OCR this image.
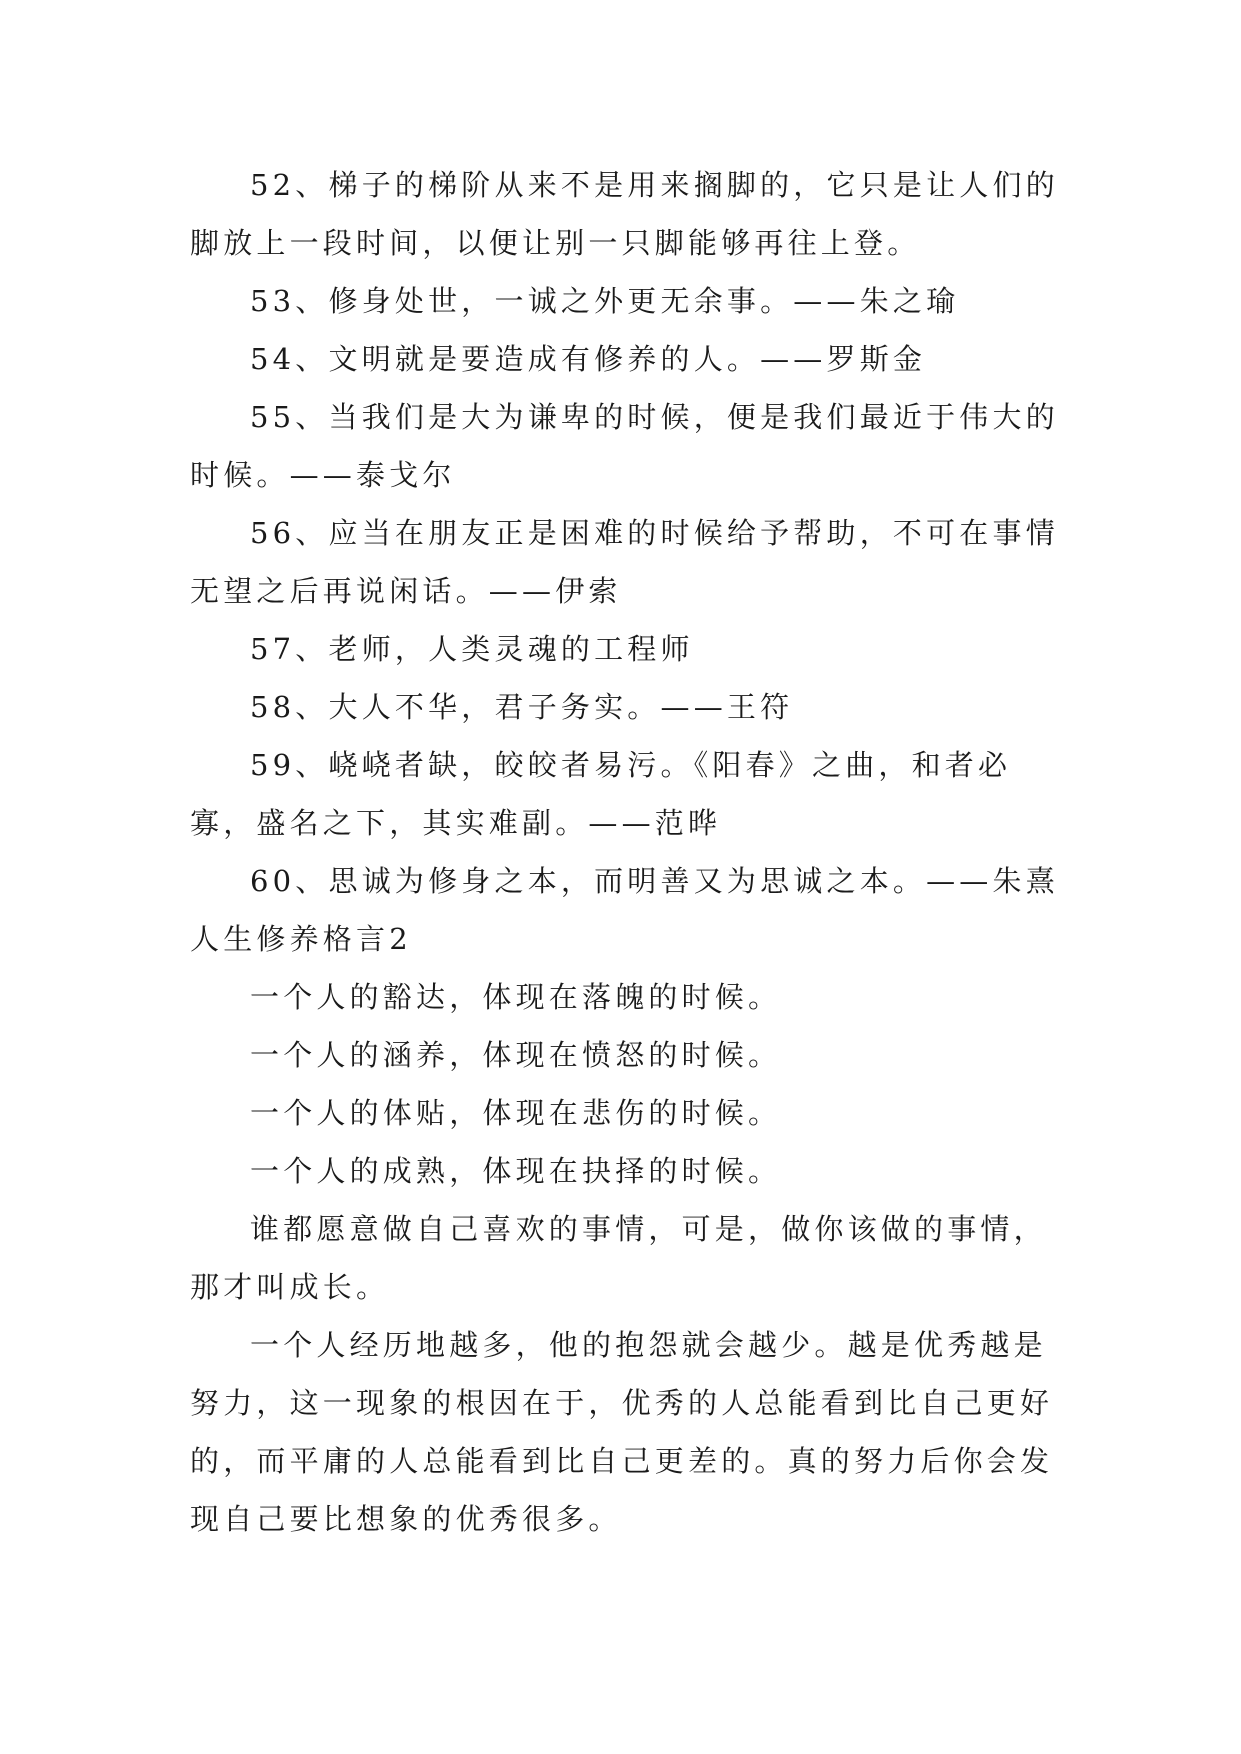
52、梯子的梯阶从来不是用来搁脚的，它只是让人们的脚放上一段时间，以便让别一只脚能够再往上登。

53、修身处世，一诚之外更无余事。——朱之瑜

54、文明就是要造成有修养的人。——罗斯金

55、当我们是大为谦卑的时候，便是我们最近于伟大的时候。——泰戈尔

56、应当在朋友正是困难的时候给予帮助，不可在事情无望之后再说闲话。——伊索

57、老师，人类灵魂的工程师

58、大人不华，君子务实。——王符

59、峣峣者缺，皎皎者易污。《阳春》之曲，和者必寡，盛名之下，其实难副。——范晔

60、思诚为修身之本，而明善又为思诚之本。——朱熹

人生修养格言2

一个人的豁达，体现在落魄的时候。

一个人的涵养，体现在愤怒的时候。

一个人的体贴，体现在悲伤的时候。

一个人的成熟，体现在抉择的时候。

谁都愿意做自己喜欢的事情，可是，做你该做的事情，那才叫成长。

一个人经历地越多，他的抱怨就会越少。越是优秀越是努力，这一现象的根因在于，优秀的人总能看到比自己更好的，而平庸的人总能看到比自己更差的。真的努力后你会发现自己要比想象的优秀很多。
